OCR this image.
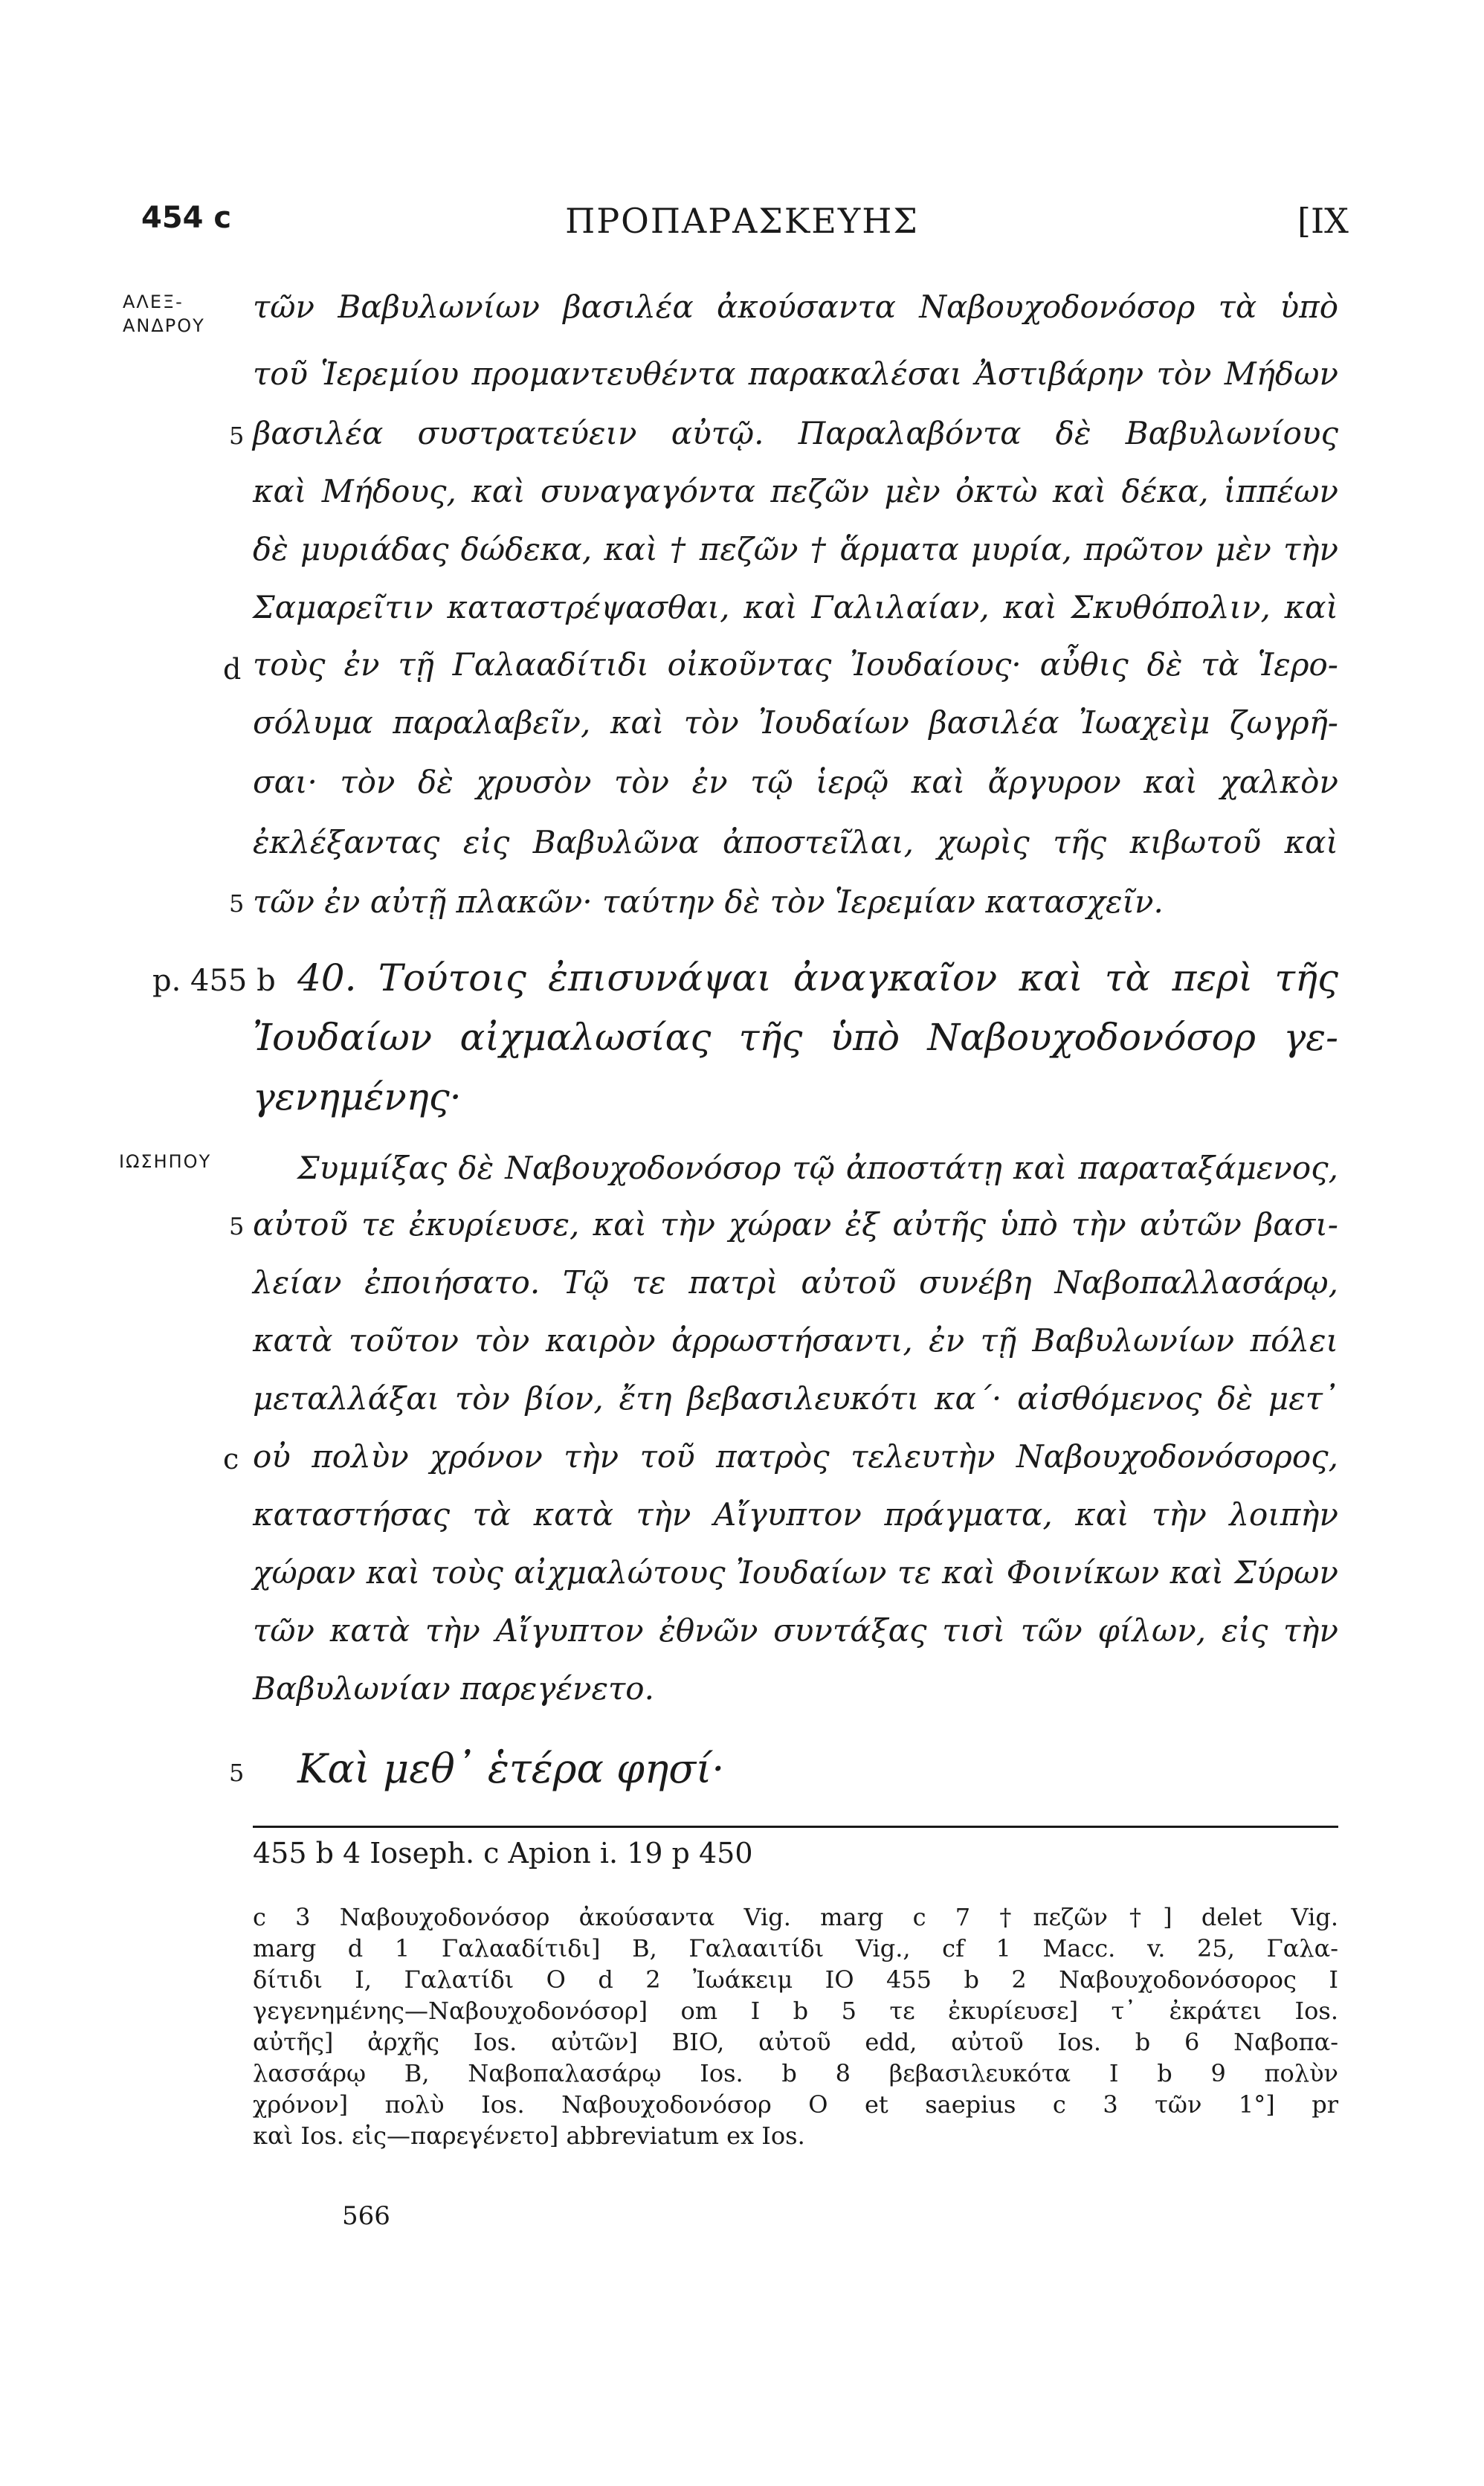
454 c	ΠΡΟΠΑΡΑΣΚΕΥΗΣ	[IX
ΑΛΕΞ-
ΑΝΔΡΟΥ
ΙΩΣΗΠΟΥ
p. 455 b
5
d
5
5
c
5
τῶν Βαβυλωνίων βασιλέα ἀκούσαντα Ναβουχοδονόσορ τὰ ὑπὸ
τοῦ Ἱερεμίου προμαντευθέντα παρακαλέσαι Ἀστιβάρην τὸν Μήδων
βασιλέα συστρατεύειν αὐτῷ. Παραλαβόντα δὲ Βαβυλωνίους
καὶ Μήδους, καὶ συναγαγόντα πεζῶν μὲν ὀκτὼ καὶ δέκα, ἱππέων
δὲ μυριάδας δώδεκα, καὶ † πεζῶν † ἅρματα μυρία, πρῶτον μὲν τὴν
Σαμαρεῖτιν καταστρέψασθαι, καὶ Γαλιλαίαν, καὶ Σκυθόπολιν, καὶ
τοὺς ἐν τῇ Γαλααδίτιδι οἰκοῦντας Ἰουδαίους· αὖθις δὲ τὰ Ἱερο-
σόλυμα παραλαβεῖν, καὶ τὸν Ἰουδαίων βασιλέα Ἰωαχεὶμ ζωγρῆ-
σαι· τὸν δὲ χρυσὸν τὸν ἐν τῷ ἱερῷ καὶ ἄργυρον καὶ χαλκὸν
ἐκλέξαντας εἰς Βαβυλῶνα ἀποστεῖλαι, χωρὶς τῆς κιβωτοῦ καὶ
τῶν ἐν αὐτῇ πλακῶν· ταύτην δὲ τὸν Ἱερεμίαν κατασχεῖν.
40. Τούτοις ἐπισυνάψαι ἀναγκαῖον καὶ τὰ περὶ τῆς
Ἰουδαίων αἰχμαλωσίας τῆς ὑπὸ Ναβουχοδονόσορ γε-
γενημένης·
Συμμίξας δὲ Ναβουχοδονόσορ τῷ ἀποστάτῃ καὶ παραταξάμενος,
αὐτοῦ τε ἐκυρίευσε, καὶ τὴν χώραν ἐξ αὐτῆς ὑπὸ τὴν αὐτῶν βασι-
λείαν ἐποιήσατο. Τῷ τε πατρὶ αὐτοῦ συνέβη Ναβοπαλλασάρῳ,
κατὰ τοῦτον τὸν καιρὸν ἀρρωστήσαντι, ἐν τῇ Βαβυλωνίων πόλει
μεταλλάξαι τὸν βίον, ἔτη βεβασιλευκότι κα΄· αἰσθόμενος δὲ μετ᾽
οὐ πολὺν χρόνον τὴν τοῦ πατρὸς τελευτὴν Ναβουχοδονόσορος,
καταστήσας τὰ κατὰ τὴν Αἴγυπτον πράγματα, καὶ τὴν λοιπὴν
χώραν καὶ τοὺς αἰχμαλώτους Ἰουδαίων τε καὶ Φοινίκων καὶ Σύρων
τῶν κατὰ τὴν Αἴγυπτον ἐθνῶν συντάξας τισὶ τῶν φίλων, εἰς τὴν
Βαβυλωνίαν παρεγένετο.
Καὶ μεθ᾽ ἑτέρα φησί·
455 b 4 Ioseph. c Apion i. 19 p 450
c 3 Ναβουχοδονόσορ ἀκούσαντα Vig. marg c 7 †πεζῶν†] delet Vig.
marg d 1 Γαλααδίτιδι] B, Γαλααιτίδι Vig., cf 1 Macc. v. 25, Γαλα-
δίτιδι I, Γαλατίδι O d 2 Ἰωάκειμ IO 455 b 2 Ναβουχοδονόσορος I
γεγενημένης—Ναβουχοδονόσορ] om I b 5 τε ἐκυρίευσε] τ᾽ ἐκράτει Ios.
αὐτῆς] ἀρχῆς Ios. αὐτῶν] BIO, αὐτοῦ edd, αὐτοῦ Ios. b 6 Ναβοπα-
λασσάρῳ B, Ναβοπαλασάρῳ Ios. b 8 βεβασιλευκότα I b 9 πολὺν
χρόνον] πολὺ Ios. Ναβουχοδονόσορ O et saepius c 3 τῶν 1°] pr
καὶ Ios. εἰς—παρεγένετο] abbreviatum ex Ios.
566
